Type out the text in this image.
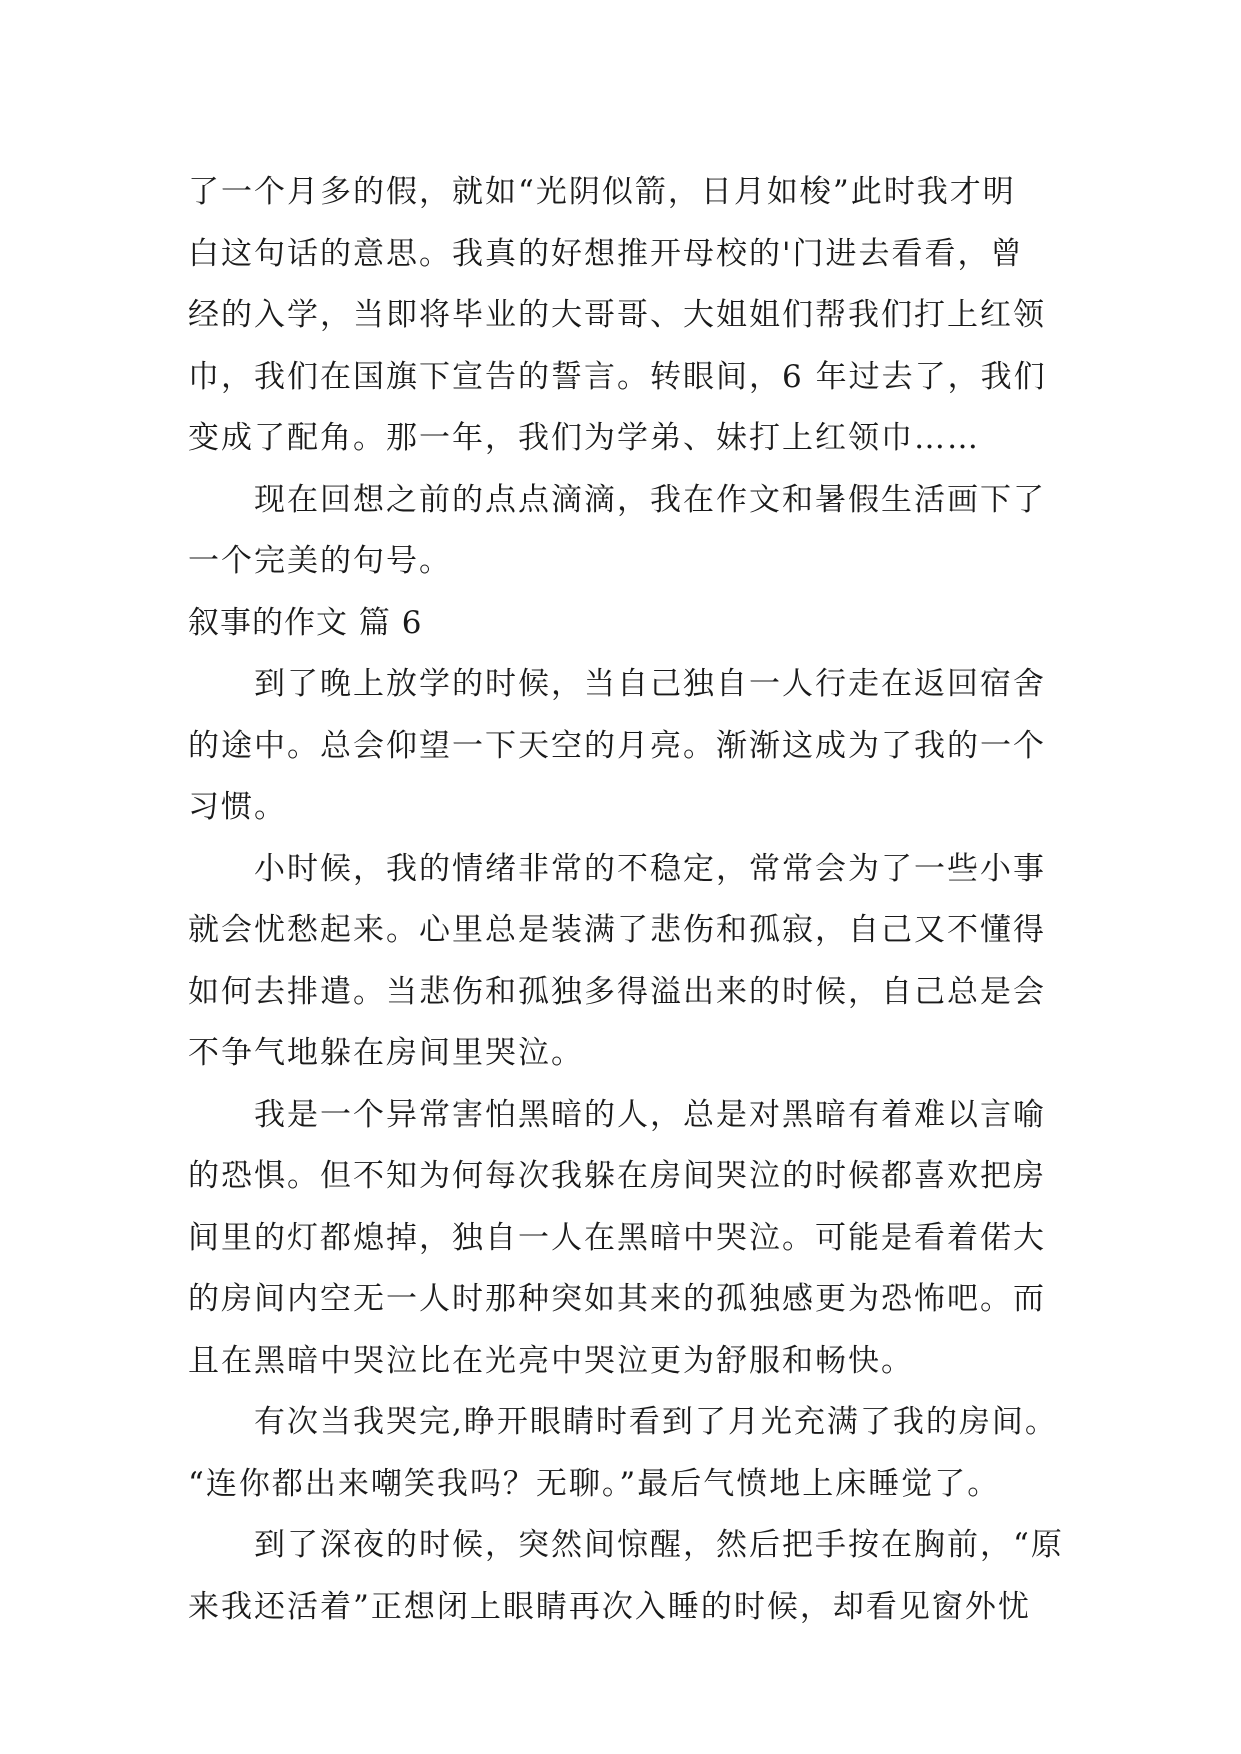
了一个月多的假，就如“光阴似箭，日月如梭”此时我才明
白这句话的意思。我真的好想推开母校的'门进去看看，曾
经的入学，当即将毕业的大哥哥、大姐姐们帮我们打上红领
巾，我们在国旗下宣告的誓言。转眼间，6 年过去了，我们
变成了配角。那一年，我们为学弟、妹打上红领巾……
现在回想之前的点点滴滴，我在作文和暑假生活画下了
一个完美的句号。
叙事的作文 篇 6
到了晚上放学的时候，当自己独自一人行走在返回宿舍
的途中。总会仰望一下天空的月亮。渐渐这成为了我的一个
习惯。
小时候，我的情绪非常的不稳定，常常会为了一些小事
就会忧愁起来。心里总是装满了悲伤和孤寂，自己又不懂得
如何去排遣。当悲伤和孤独多得溢出来的时候，自己总是会
不争气地躲在房间里哭泣。
我是一个异常害怕黑暗的人，总是对黑暗有着难以言喻
的恐惧。但不知为何每次我躲在房间哭泣的时候都喜欢把房
间里的灯都熄掉，独自一人在黑暗中哭泣。可能是看着偌大
的房间内空无一人时那种突如其来的孤独感更为恐怖吧。而
且在黑暗中哭泣比在光亮中哭泣更为舒服和畅快。
有次当我哭完,睁开眼睛时看到了月光充满了我的房间。
“连你都出来嘲笑我吗？无聊。”最后气愤地上床睡觉了。
到了深夜的时候，突然间惊醒，然后把手按在胸前，“原
来我还活着”正想闭上眼睛再次入睡的时候，却看见窗外忧
